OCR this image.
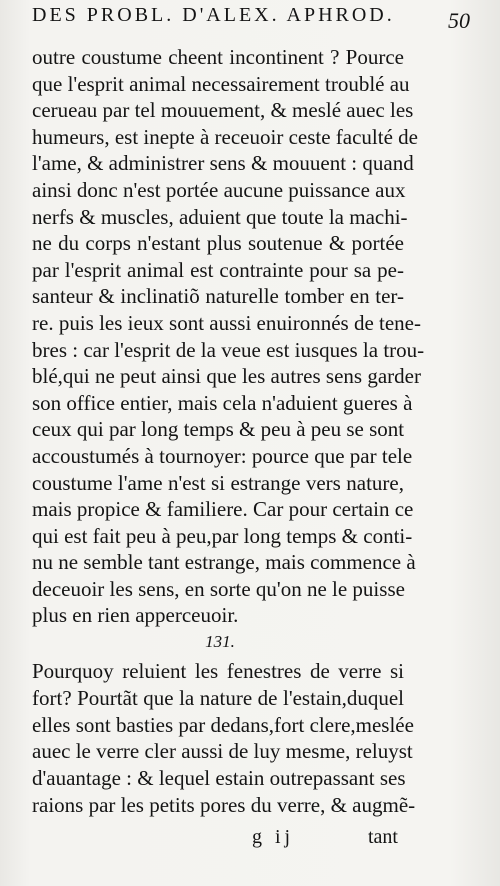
DES PROBL. D'ALEX. APHROD.	50
outre coustume cheent incontinent ? Pource
que l'esprit animal necessairement troublé au
cerueau par tel mouuement, & meslé auec les
humeurs, est inepte à receuoir ceste faculté de
l'ame, & administrer sens & mouuent : quand
ainsi donc n'est portée aucune puissance aux
nerfs & muscles, aduient que toute la machi-
ne du corps n'estant plus soutenue & portée
par l'esprit animal est contrainte pour sa pe-
santeur & inclinatiõ naturelle tomber en ter-
re. puis les ieux sont aussi enuironnés de tene-
bres : car l'esprit de la veue est iusques la trou-
blé,qui ne peut ainsi que les autres sens garder
son office entier, mais cela n'aduient gueres à
ceux qui par long temps & peu à peu se sont
accoustumés à tournoyer: pource que par tele
coustume l'ame n'est si estrange vers nature,
mais propice & familiere. Car pour certain ce
qui est fait peu à peu,par long temps & conti-
nu ne semble tant estrange, mais commence à
deceuoir les sens, en sorte qu'on ne le puisse
plus en rien apperceuoir.
131.
Pourquoy reluient les fenestres de verre si
fort? Pourtãt que la nature de l'estain,duquel
elles sont basties par dedans,fort clere,meslée
auec le verre cler aussi de luy mesme, reluyst
d'auantage : & lequel estain outrepassant ses
raions par les petits pores du verre, & augmẽ-
g ij	tant
